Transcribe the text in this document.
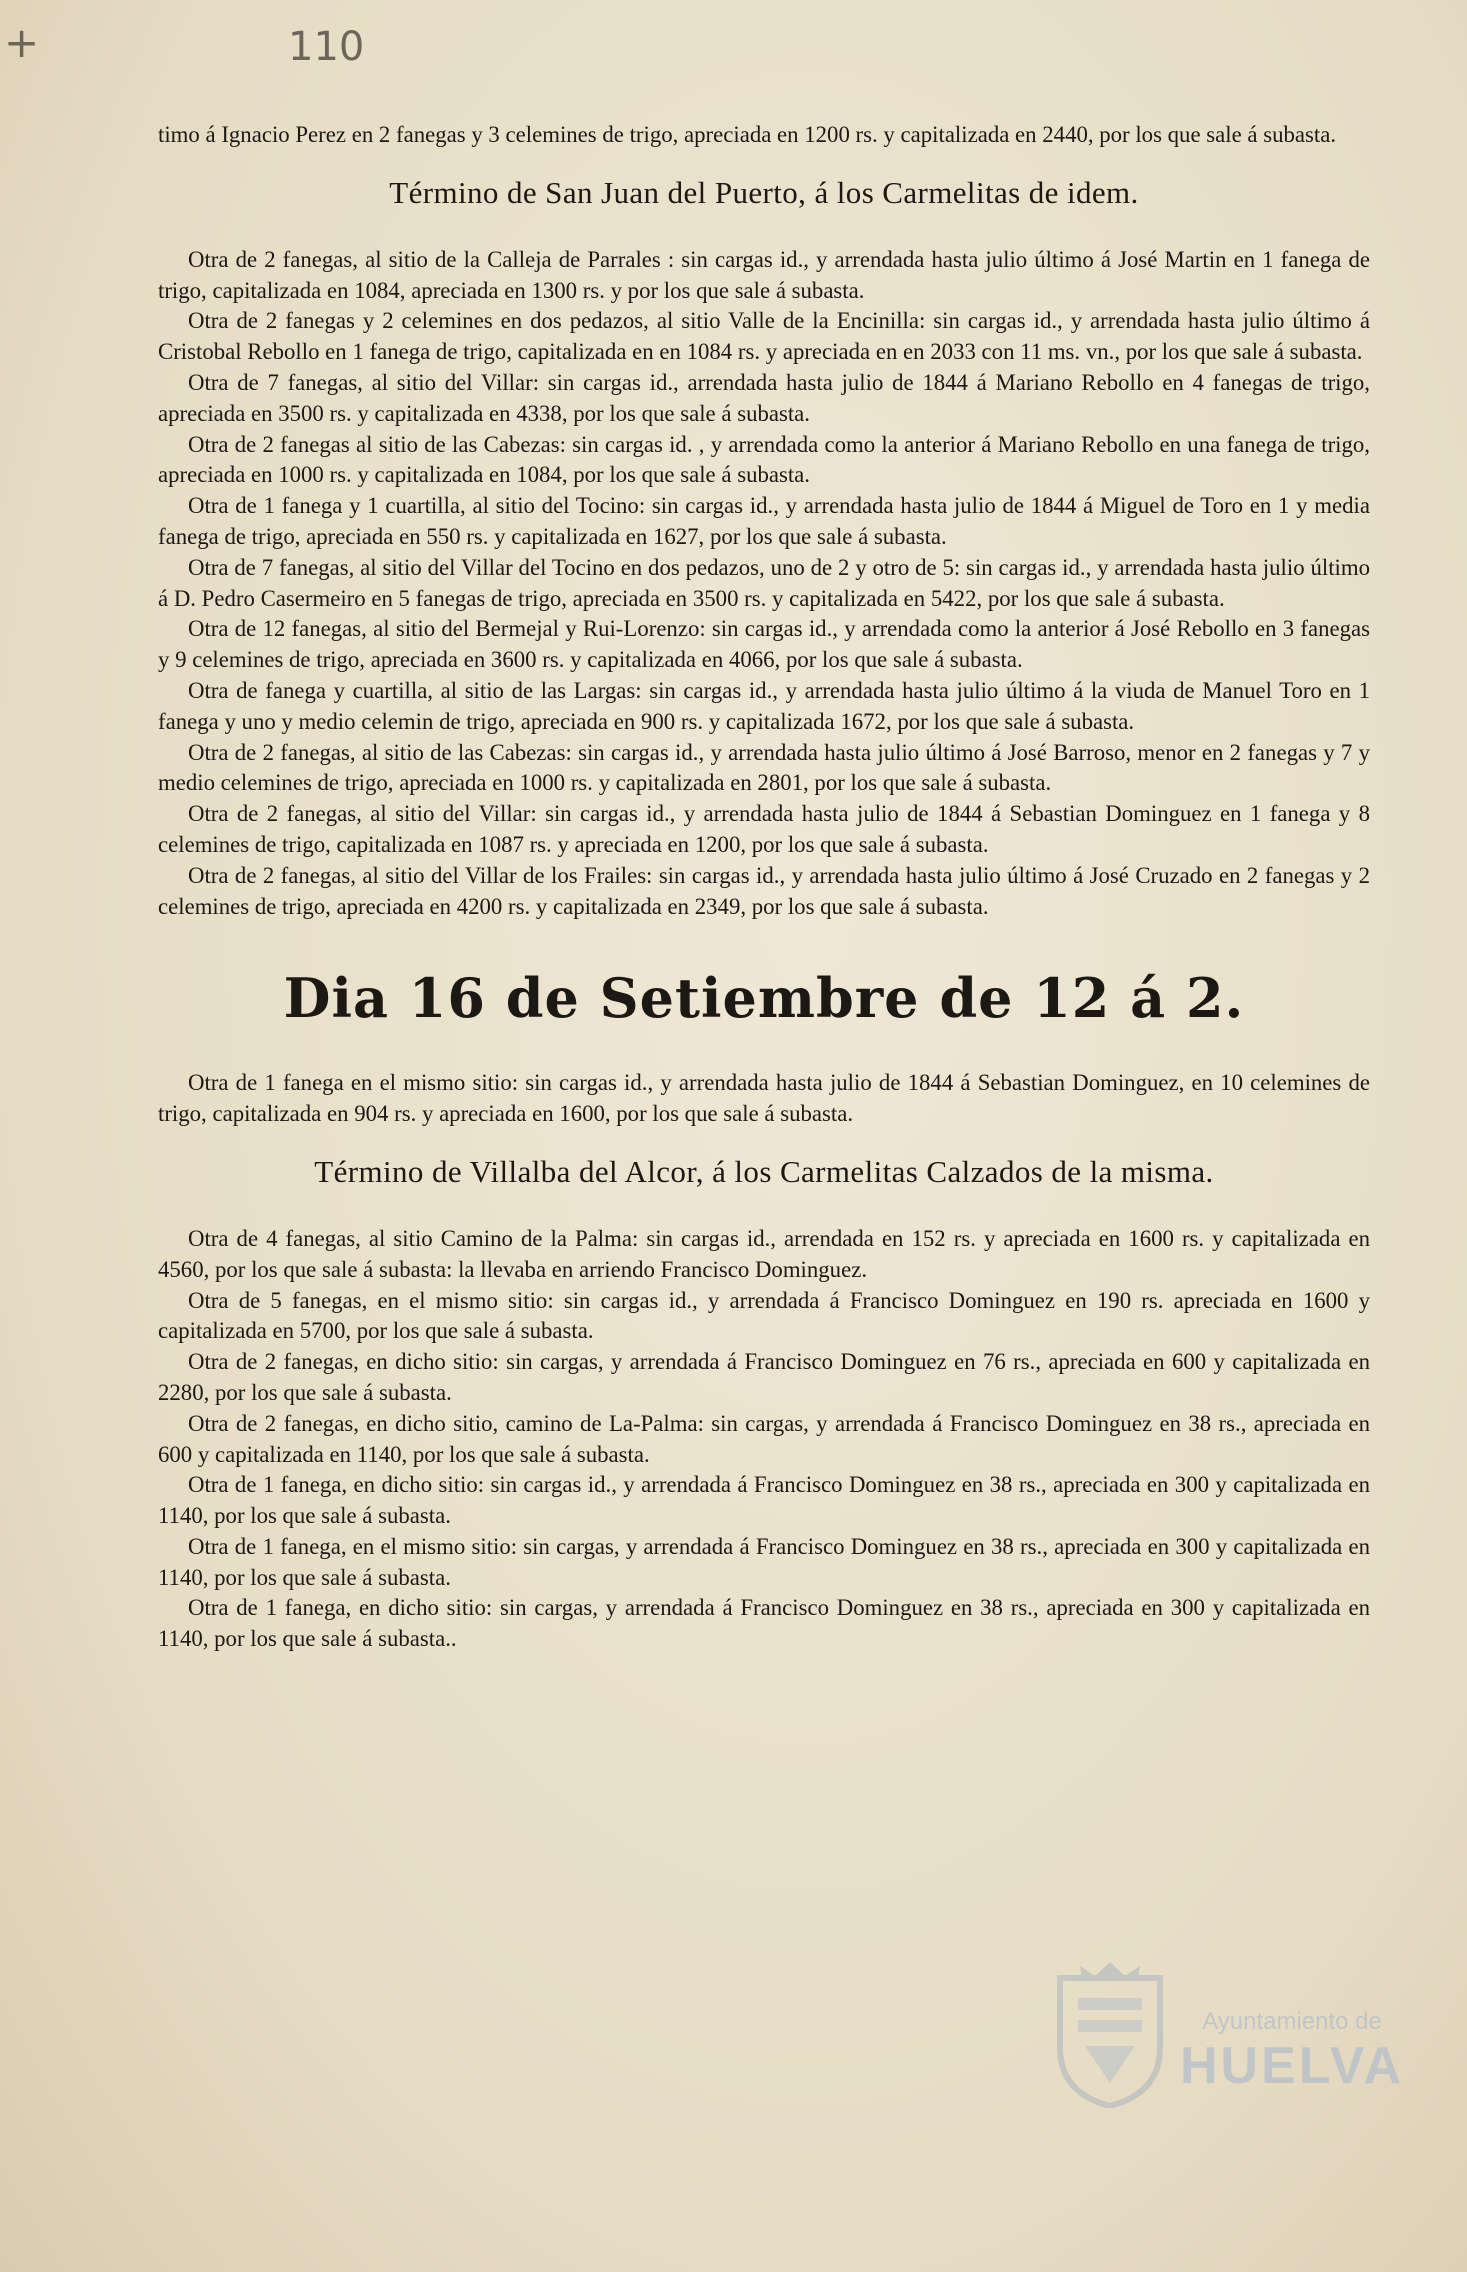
+	110

timo á Ignacio Perez en 2 fanegas y 3 celemines de trigo, apreciada en 1200 rs. y capitalizada en 2440, por los que sale á subasta.

Término de San Juan del Puerto, á los Carmelitas de idem.

Otra de 2 fanegas, al sitio de la Calleja de Parrales : sin cargas id., y arrendada hasta julio último á José Martin en 1 fanega de trigo, capitalizada en 1084, apreciada en 1300 rs. y por los que sale á subasta.

Otra de 2 fanegas y 2 celemines en dos pedazos, al sitio Valle de la Encinilla: sin cargas id., y arrendada hasta julio último á Cristobal Rebollo en 1 fanega de trigo, capitalizada en en 1084 rs. y apreciada en en 2033 con 11 ms. vn., por los que sale á subasta.

Otra de 7 fanegas, al sitio del Villar: sin cargas id., arrendada hasta julio de 1844 á Mariano Rebollo en 4 fanegas de trigo, apreciada en 3500 rs. y capitalizada en 4338, por los que sale á subasta.

Otra de 2 fanegas al sitio de las Cabezas: sin cargas id. , y arrendada como la anterior á Mariano Rebollo en una fanega de trigo, apreciada en 1000 rs. y capitalizada en 1084, por los que sale á subasta.

Otra de 1 fanega y 1 cuartilla, al sitio del Tocino: sin cargas id., y arrendada hasta julio de 1844 á Miguel de Toro en 1 y media fanega de trigo, apreciada en 550 rs. y capitalizada en 1627, por los que sale á subasta.

Otra de 7 fanegas, al sitio del Villar del Tocino en dos pedazos, uno de 2 y otro de 5: sin cargas id., y arrendada hasta julio último á D. Pedro Casermeiro en 5 fanegas de trigo, apreciada en 3500 rs. y capitalizada en 5422, por los que sale á subasta.

Otra de 12 fanegas, al sitio del Bermejal y Rui-Lorenzo: sin cargas id., y arrendada como la anterior á José Rebollo en 3 fanegas y 9 celemines de trigo, apreciada en 3600 rs. y capitalizada en 4066, por los que sale á subasta.

Otra de fanega y cuartilla, al sitio de las Largas: sin cargas id., y arrendada hasta julio último á la viuda de Manuel Toro en 1 fanega y uno y medio celemin de trigo, apreciada en 900 rs. y capitalizada 1672, por los que sale á subasta.

Otra de 2 fanegas, al sitio de las Cabezas: sin cargas id., y arrendada hasta julio último á José Barroso, menor en 2 fanegas y 7 y medio celemines de trigo, apreciada en 1000 rs. y capitalizada en 2801, por los que sale á subasta.

Otra de 2 fanegas, al sitio del Villar: sin cargas id., y arrendada hasta julio de 1844 á Sebastian Dominguez en 1 fanega y 8 celemines de trigo, capitalizada en 1087 rs. y apreciada en 1200, por los que sale á subasta.

Otra de 2 fanegas, al sitio del Villar de los Frailes: sin cargas id., y arrendada hasta julio último á José Cruzado en 2 fanegas y 2 celemines de trigo, apreciada en 4200 rs. y capitalizada en 2349, por los que sale á subasta.

Dia 16 de Setiembre de 12 á 2.

Otra de 1 fanega en el mismo sitio: sin cargas id., y arrendada hasta julio de 1844 á Sebastian Dominguez, en 10 celemines de trigo, capitalizada en 904 rs. y apreciada en 1600, por los que sale á subasta.

Término de Villalba del Alcor, á los Carmelitas Calzados de la misma.

Otra de 4 fanegas, al sitio Camino de la Palma: sin cargas id., arrendada en 152 rs. y apreciada en 1600 rs. y capitalizada en 4560, por los que sale á subasta: la llevaba en arriendo Francisco Dominguez.

Otra de 5 fanegas, en el mismo sitio: sin cargas id., y arrendada á Francisco Dominguez en 190 rs. apreciada en 1600 y capitalizada en 5700, por los que sale á subasta.

Otra de 2 fanegas, en dicho sitio: sin cargas, y arrendada á Francisco Dominguez en 76 rs., apreciada en 600 y capitalizada en 2280, por los que sale á subasta.

Otra de 2 fanegas, en dicho sitio, camino de La-Palma: sin cargas, y arrendada á Francisco Dominguez en 38 rs., apreciada en 600 y capitalizada en 1140, por los que sale á subasta.

Otra de 1 fanega, en dicho sitio: sin cargas id., y arrendada á Francisco Dominguez en 38 rs., apreciada en 300 y capitalizada en 1140, por los que sale á subasta.

Otra de 1 fanega, en el mismo sitio: sin cargas, y arrendada á Francisco Dominguez en 38 rs., apreciada en 300 y capitalizada en 1140, por los que sale á subasta.

Otra de 1 fanega, en dicho sitio: sin cargas, y arrendada á Francisco Dominguez en 38 rs., apreciada en 300 y capitalizada en 1140, por los que sale á subasta..

Ayuntamiento de
HUELVA
